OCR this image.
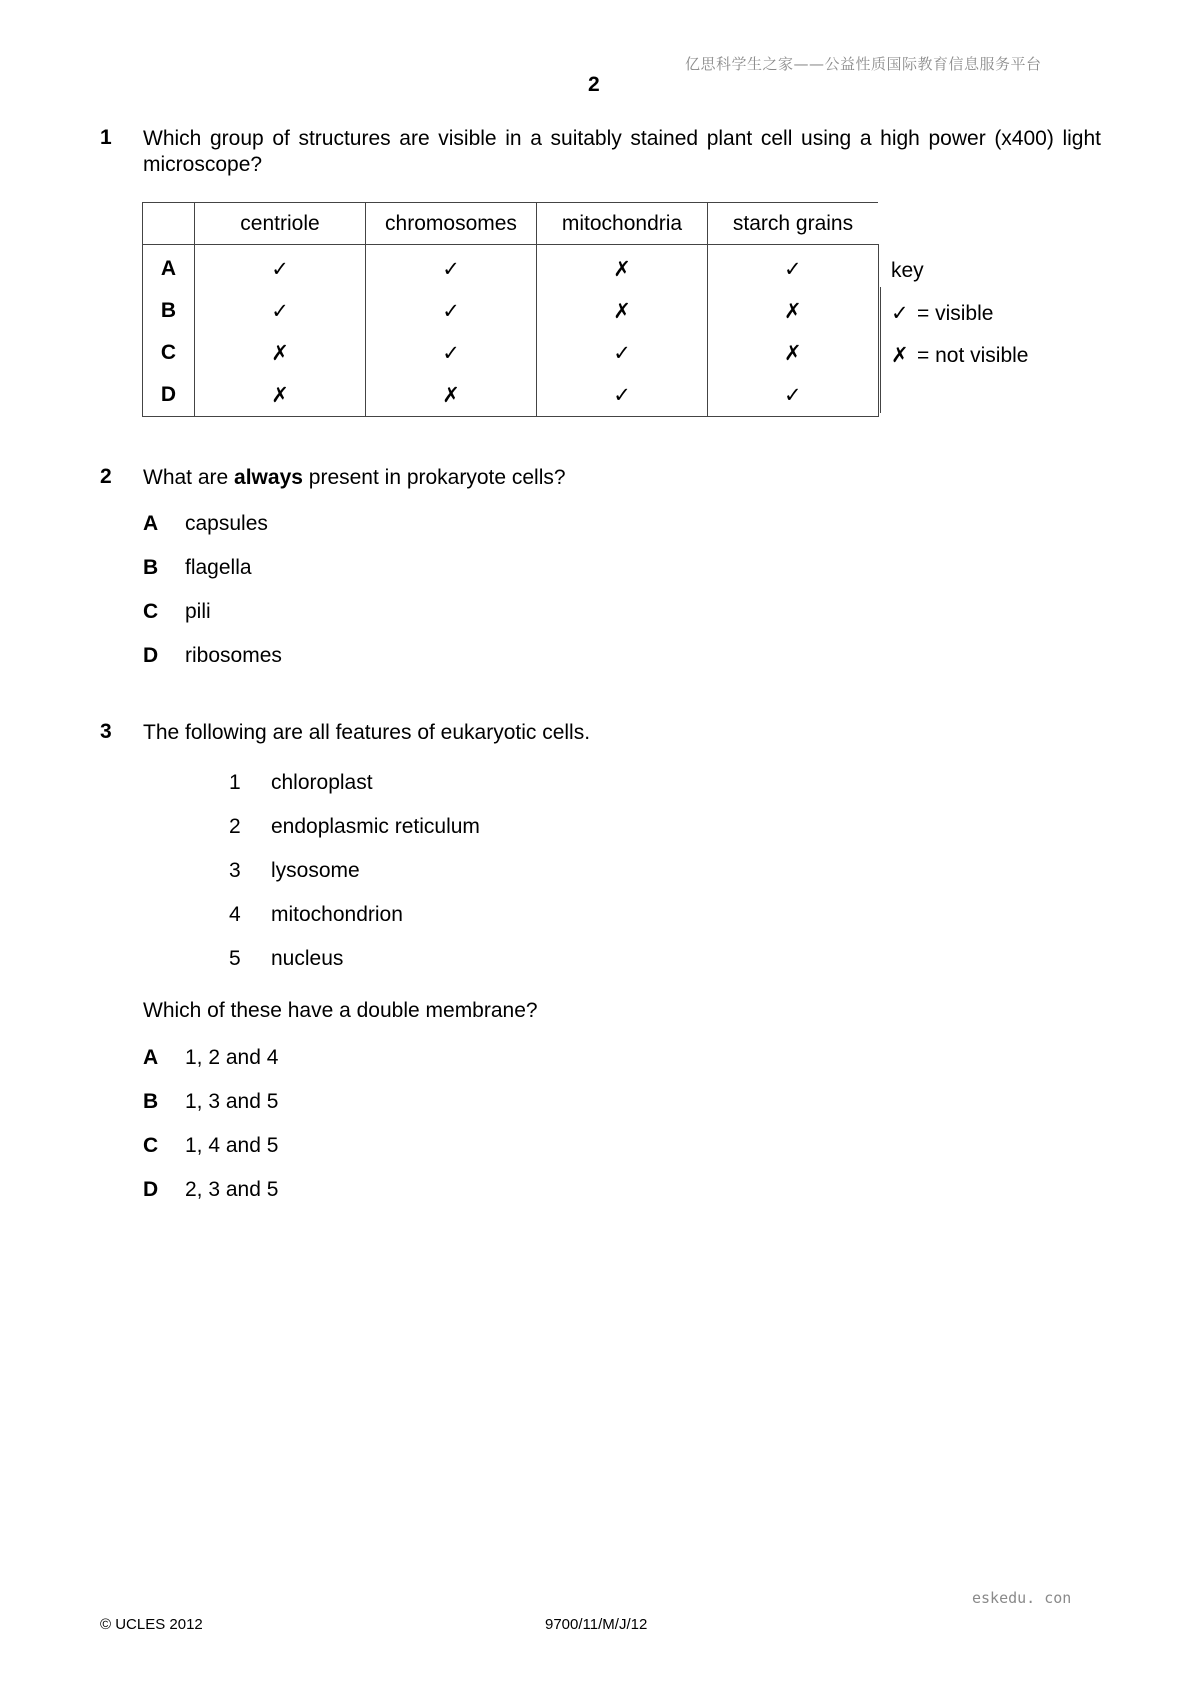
亿思科学生之家——公益性质国际教育信息服务平台
2
1 Which group of structures are visible in a suitably stained plant cell using a high power (x400) light microscope?
	centriole	chromosomes	mitochondria	starch grains
A	✓	✓	✗	✓
B	✓	✓	✗	✗
C	✗	✓	✓	✗
D	✗	✗	✓	✓
key
✓ = visible
✗ = not visible
2 What are always present in prokaryote cells?
A capsules
B flagella
C pili
D ribosomes
3 The following are all features of eukaryotic cells.
1 chloroplast
2 endoplasmic reticulum
3 lysosome
4 mitochondrion
5 nucleus
Which of these have a double membrane?
A 1, 2 and 4
B 1, 3 and 5
C 1, 4 and 5
D 2, 3 and 5
eskedu. con
© UCLES 2012	9700/11/M/J/12
